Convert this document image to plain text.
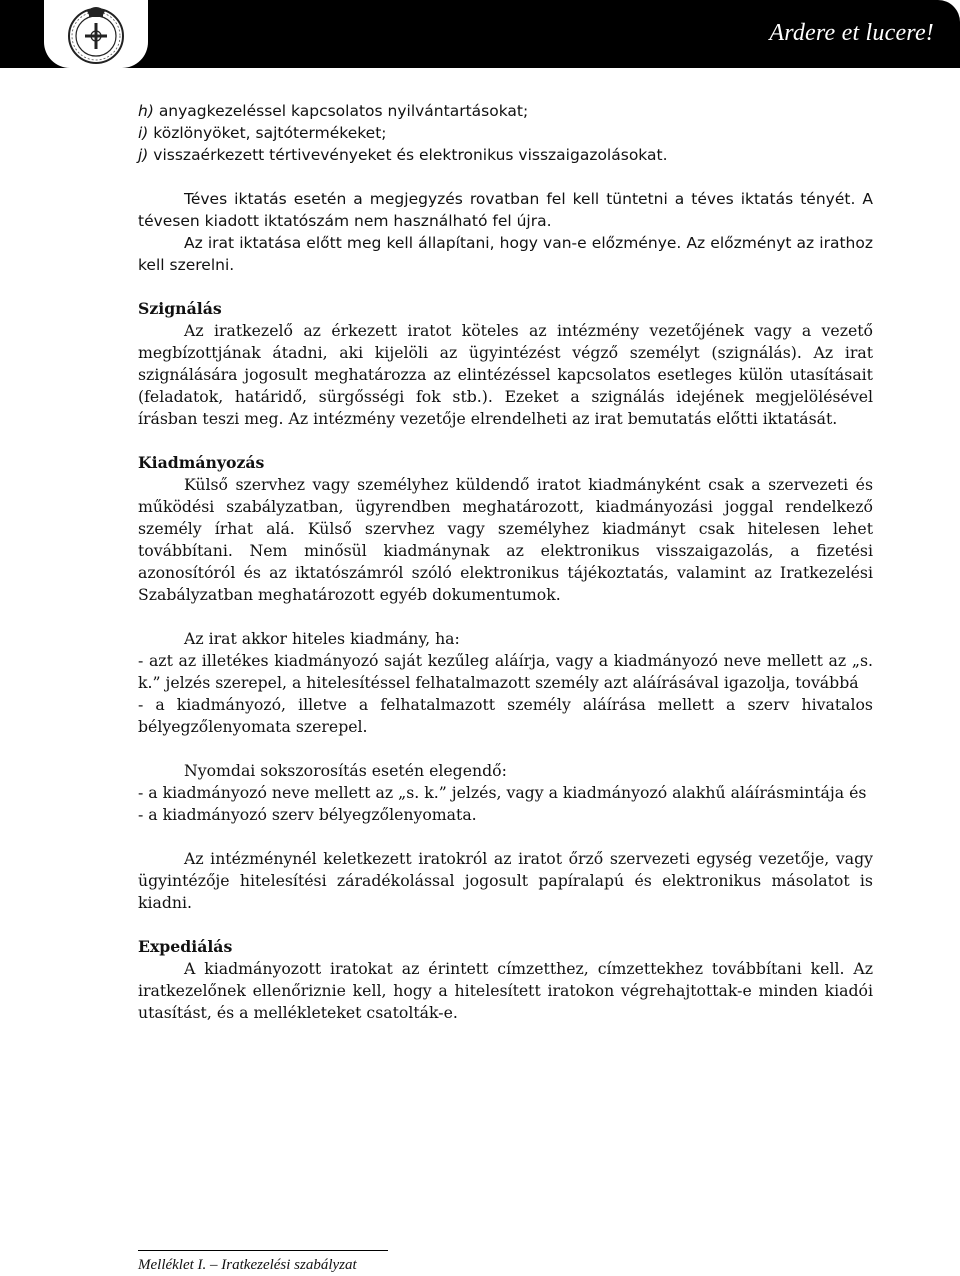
Ardere et lucere!
h) anyagkezeléssel kapcsolatos nyilvántartásokat;
i) közlönyöket, sajtótermékeket;
j) visszaérkezett tértivevényeket és elektronikus visszaigazolásokat.
Téves iktatás esetén a megjegyzés rovatban fel kell tüntetni a téves iktatás tényét. A tévesen kiadott iktatószám nem használható fel újra.
Az irat iktatása előtt meg kell állapítani, hogy van-e előzménye. Az előzményt az irathoz kell szerelni.
Szignálás
Az iratkezelő az érkezett iratot köteles az intézmény vezetőjének vagy a vezető megbízottjának átadni, aki kijelöli az ügyintézést végző személyt (szignálás). Az irat szignálására jogosult meghatározza az elintézéssel kapcsolatos esetleges külön utasításait (feladatok, határidő, sürgősségi fok stb.). Ezeket a szignálás idejének megjelölésével írásban teszi meg. Az intézmény vezetője elrendelheti az irat bemutatás előtti iktatását.
Kiadmányozás
Külső szervhez vagy személyhez küldendő iratot kiadmányként csak a szervezeti és működési szabályzatban, ügyrendben meghatározott, kiadmányozási joggal rendelkező személy írhat alá. Külső szervhez vagy személyhez kiadmányt csak hitelesen lehet továbbítani. Nem minősül kiadmánynak az elektronikus visszaigazolás, a fizetési azonosítóról és az iktatószámról szóló elektronikus tájékoztatás, valamint az Iratkezelési Szabályzatban meghatározott egyéb dokumentumok.
Az irat akkor hiteles kiadmány, ha:
- azt az illetékes kiadmányozó saját kezűleg aláírja, vagy a kiadmányozó neve mellett az „s. k.” jelzés szerepel, a hitelesítéssel felhatalmazott személy azt aláírásával igazolja, továbbá
- a kiadmányozó, illetve a felhatalmazott személy aláírása mellett a szerv hivatalos bélyegzőlenyomata szerepel.
Nyomdai sokszorosítás esetén elegendő:
- a kiadmányozó neve mellett az „s. k.” jelzés, vagy a kiadmányozó alakhű aláírásmintája és
- a kiadmányozó szerv bélyegzőlenyomata.
Az intézménynél keletkezett iratokról az iratot őrző szervezeti egység vezetője, vagy ügyintézője hitelesítési záradékolással jogosult papíralapú és elektronikus másolatot is kiadni.
Expediálás
A kiadmányozott iratokat az érintett címzetthez, címzettekhez továbbítani kell. Az iratkezelőnek ellenőriznie kell, hogy a hitelesített iratokon végrehajtottak-e minden kiadói utasítást, és a mellékleteket csatolták-e.
Melléklet I. – Iratkezelési szabályzat
